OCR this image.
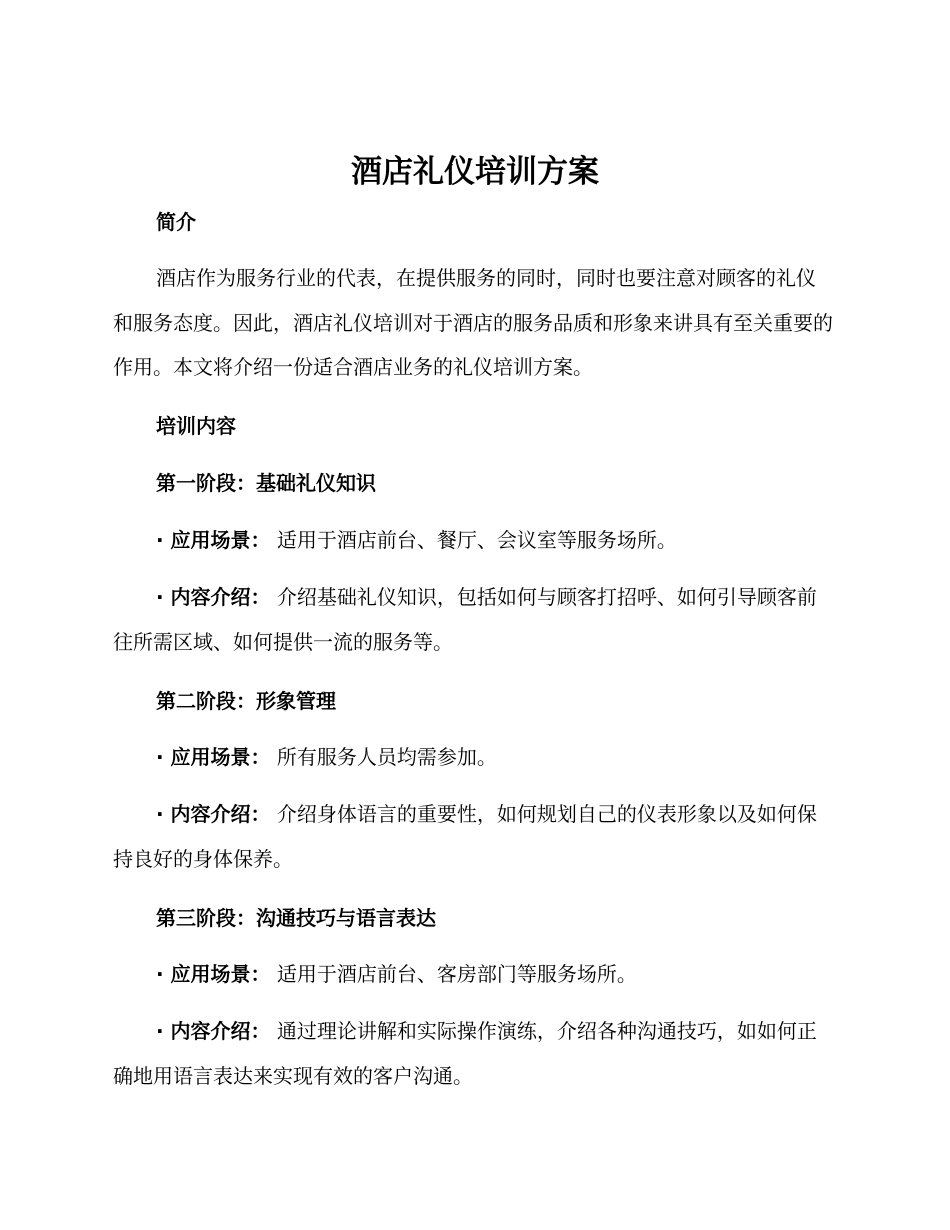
酒店礼仪培训方案
简介
酒店作为服务行业的代表，在提供服务的同时，同时也要注意对顾客的礼仪和服务态度。因此，酒店礼仪培训对于酒店的服务品质和形象来讲具有至关重要的作用。本文将介绍一份适合酒店业务的礼仪培训方案。
培训内容
第一阶段：基础礼仪知识
· 应用场景： 适用于酒店前台、餐厅、会议室等服务场所。
· 内容介绍： 介绍基础礼仪知识，包括如何与顾客打招呼、如何引导顾客前往所需区域、如何提供一流的服务等。
第二阶段：形象管理
· 应用场景： 所有服务人员均需参加。
· 内容介绍： 介绍身体语言的重要性，如何规划自己的仪表形象以及如何保持良好的身体保养。
第三阶段：沟通技巧与语言表达
· 应用场景： 适用于酒店前台、客房部门等服务场所。
· 内容介绍： 通过理论讲解和实际操作演练，介绍各种沟通技巧，如如何正确地用语言表达来实现有效的客户沟通。
